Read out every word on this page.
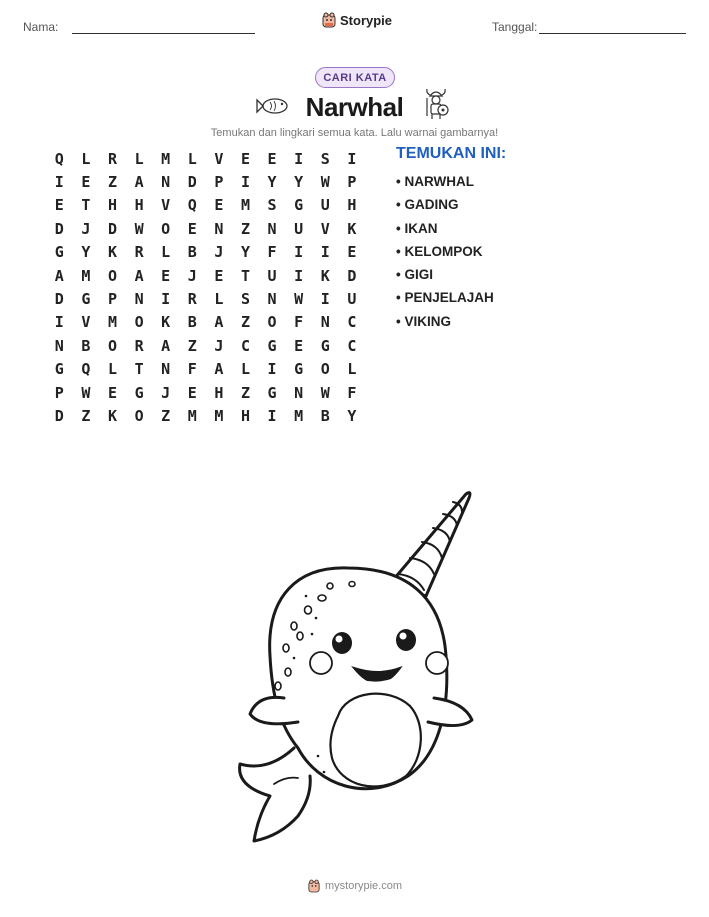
Nama:	Storypie	Tanggal:
CARI KATA
Narwhal
Temukan dan lingkari semua kata. Lalu warnai gambarnya!
Q	L	R	L	M	L	V	E	E	I	S	I
I	E	Z	A	N	D	P	I	Y	Y	W	P
E	T	H	H	V	Q	E	M	S	G	U	H
D	J	D	W	O	E	N	Z	N	U	V	K
G	Y	K	R	L	B	J	Y	F	I	I	E
A	M	O	A	E	J	E	T	U	I	K	D
D	G	P	N	I	R	L	S	N	W	I	U
I	V	M	O	K	B	A	Z	O	F	N	C
N	B	O	R	A	Z	J	C	G	E	G	C
G	Q	L	T	N	F	A	L	I	G	O	L
P	W	E	G	J	E	H	Z	G	N	W	F
D	Z	K	O	Z	M	M	H	I	M	B	Y
TEMUKAN INI:
• NARWHAL
• GADING
• IKAN
• KELOMPOK
• GIGI
• PENJELAJAH
• VIKING
mystorypie.com
